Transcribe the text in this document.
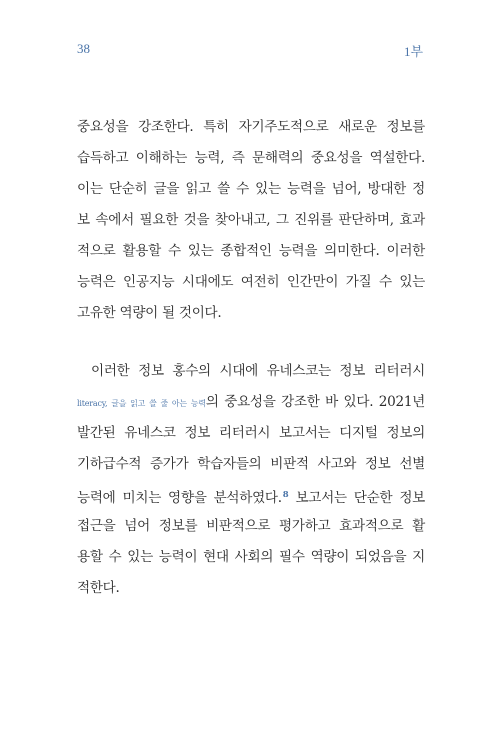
38	1부
중요성을 강조한다. 특히 자기주도적으로 새로운 정보를
습득하고 이해하는 능력, 즉 문해력의 중요성을 역설한다.
이는 단순히 글을 읽고 쓸 수 있는 능력을 넘어, 방대한 정
보 속에서 필요한 것을 찾아내고, 그 진위를 판단하며, 효과
적으로 활용할 수 있는 종합적인 능력을 의미한다. 이러한
능력은 인공지능 시대에도 여전히 인간만이 가질 수 있는
고유한 역량이 될 것이다.
이러한 정보 홍수의 시대에 유네스코는 정보 리터러시
literacy, 글을 읽고 쓸 줄 아는 능력의 중요성을 강조한 바 있다. 2021년
발간된 유네스코 정보 리터러시 보고서는 디지털 정보의
기하급수적 증가가 학습자들의 비판적 사고와 정보 선별
능력에 미치는 영향을 분석하였다.$^8$ 보고서는 단순한 정보
접근을 넘어 정보를 비판적으로 평가하고 효과적으로 활
용할 수 있는 능력이 현대 사회의 필수 역량이 되었음을 지
적한다.
